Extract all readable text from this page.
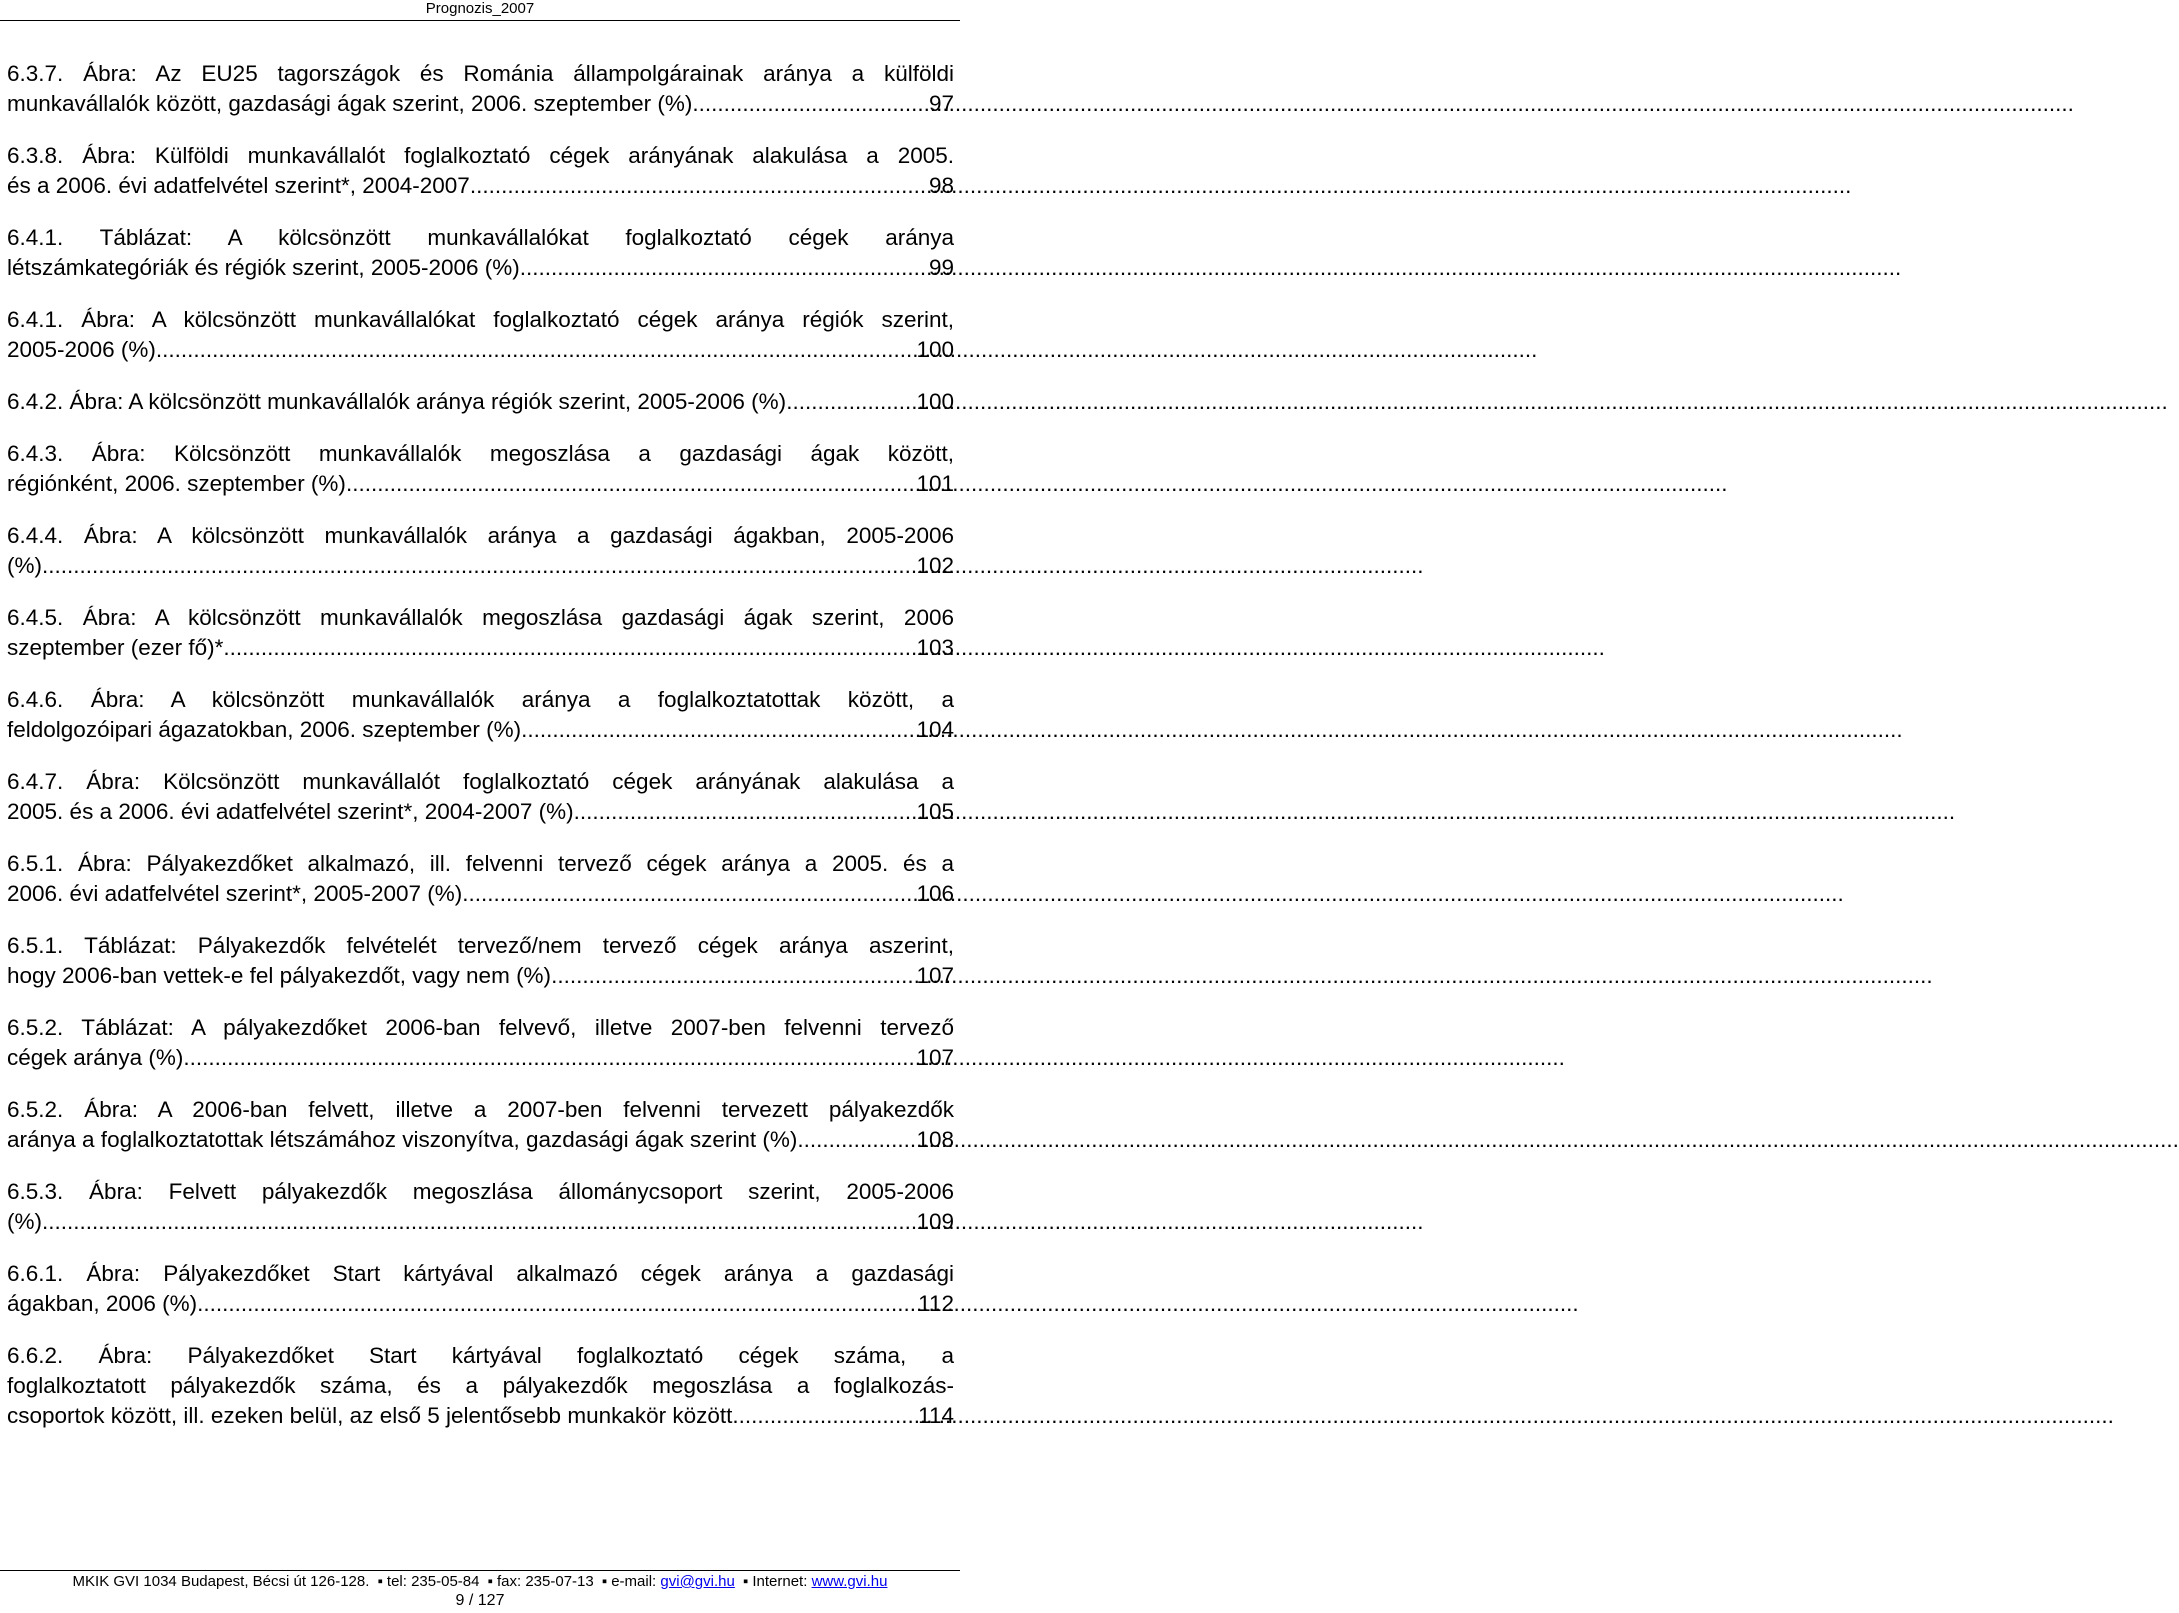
Prognozis_2007
6.3.7. Ábra: Az EU25 tagországok és Románia állampolgárainak aránya a külföldi
munkavállalók között, gazdasági ágak szerint, 2006. szeptember (%) .....	97
6.3.8. Ábra: Külföldi munkavállalót foglalkoztató cégek arányának alakulása a 2005.
és a 2006. évi adatfelvétel szerint*, 2004-2007 .....	98
6.4.1. Táblázat: A kölcsönzött munkavállalókat foglalkoztató cégek aránya
létszámkategóriák és régiók szerint, 2005-2006 (%) .....	99
6.4.1. Ábra: A kölcsönzött munkavállalókat foglalkoztató cégek aránya régiók szerint,
2005-2006 (%) .....	100
6.4.2. Ábra: A kölcsönzött munkavállalók aránya régiók szerint, 2005-2006 (%) .....	100
6.4.3. Ábra: Kölcsönzött munkavállalók megoszlása a gazdasági ágak között,
régiónként, 2006. szeptember (%) .....	101
6.4.4. Ábra: A kölcsönzött munkavállalók aránya a gazdasági ágakban, 2005-2006
(%) .....	102
6.4.5. Ábra: A kölcsönzött munkavállalók megoszlása gazdasági ágak szerint, 2006
szeptember (ezer fő)* .....	103
6.4.6. Ábra: A kölcsönzött munkavállalók aránya a foglalkoztatottak között, a
feldolgozóipari ágazatokban, 2006. szeptember (%) .....	104
6.4.7. Ábra: Kölcsönzött munkavállalót foglalkoztató cégek arányának alakulása a
2005. és a 2006. évi adatfelvétel szerint*, 2004-2007 (%) .....	105
6.5.1. Ábra: Pályakezdőket alkalmazó, ill. felvenni tervező cégek aránya a 2005. és a
2006. évi adatfelvétel szerint*, 2005-2007 (%) .....	106
6.5.1. Táblázat: Pályakezdők felvételét tervező/nem tervező cégek aránya aszerint,
hogy 2006-ban vettek-e fel pályakezdőt, vagy nem (%) .....	107
6.5.2. Táblázat: A pályakezdőket 2006-ban felvevő, illetve 2007-ben felvenni tervező
cégek aránya (%) .....	107
6.5.2. Ábra: A 2006-ban felvett, illetve a 2007-ben felvenni tervezett pályakezdők
aránya a foglalkoztatottak létszámához viszonyítva, gazdasági ágak szerint (%) .....	108
6.5.3. Ábra: Felvett pályakezdők megoszlása állománycsoport szerint, 2005-2006
(%) .....	109
6.6.1. Ábra: Pályakezdőket Start kártyával alkalmazó cégek aránya a gazdasági
ágakban, 2006 (%) .....	112
6.6.2. Ábra: Pályakezdőket Start kártyával foglalkoztató cégek száma, a
foglalkoztatott pályakezdők száma, és a pályakezdők megoszlása a foglalkozás-
csoportok között, ill. ezeken belül, az első 5 jelentősebb munkakör között .....	114
MKIK GVI 1034 Budapest, Bécsi út 126-128. ▪ tel: 235-05-84 ▪ fax: 235-07-13 ▪ e-mail: gvi@gvi.hu ▪ Internet: www.gvi.hu
9 / 127
